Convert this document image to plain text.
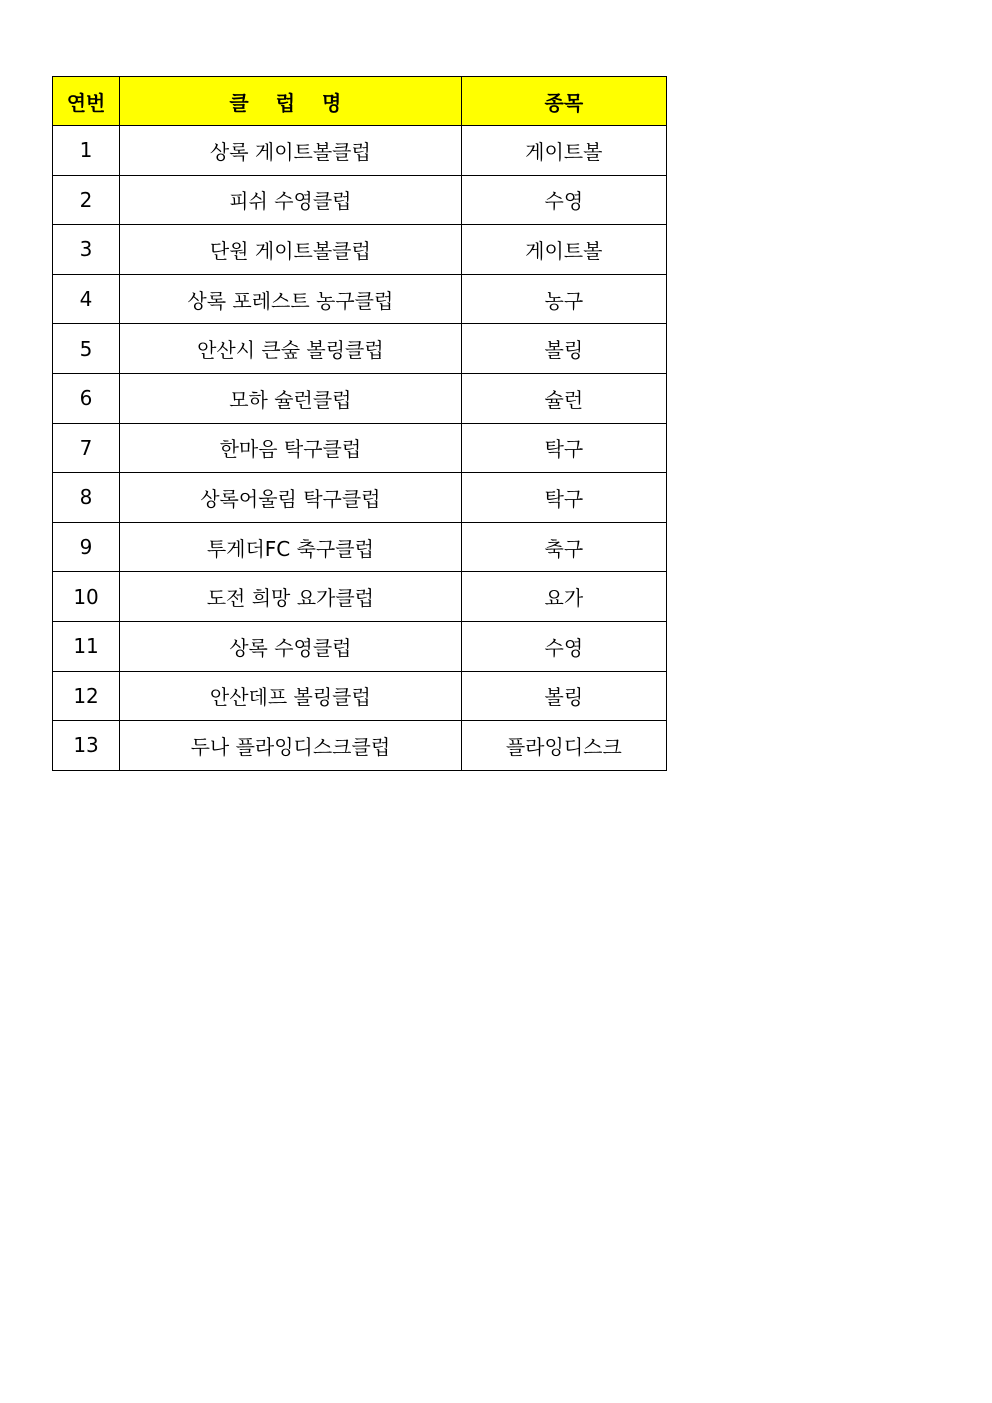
연번	클 럽 명	종목
1	상록 게이트볼클럽	게이트볼
2	피쉬 수영클럽	수영
3	단원 게이트볼클럽	게이트볼
4	상록 포레스트 농구클럽	농구
5	안산시 큰숲 볼링클럽	볼링
6	모하 슐런클럽	슐런
7	한마음 탁구클럽	탁구
8	상록어울림 탁구클럽	탁구
9	투게더FC 축구클럽	축구
10	도전 희망 요가클럽	요가
11	상록 수영클럽	수영
12	안산데프 볼링클럽	볼링
13	두나 플라잉디스크클럽	플라잉디스크
